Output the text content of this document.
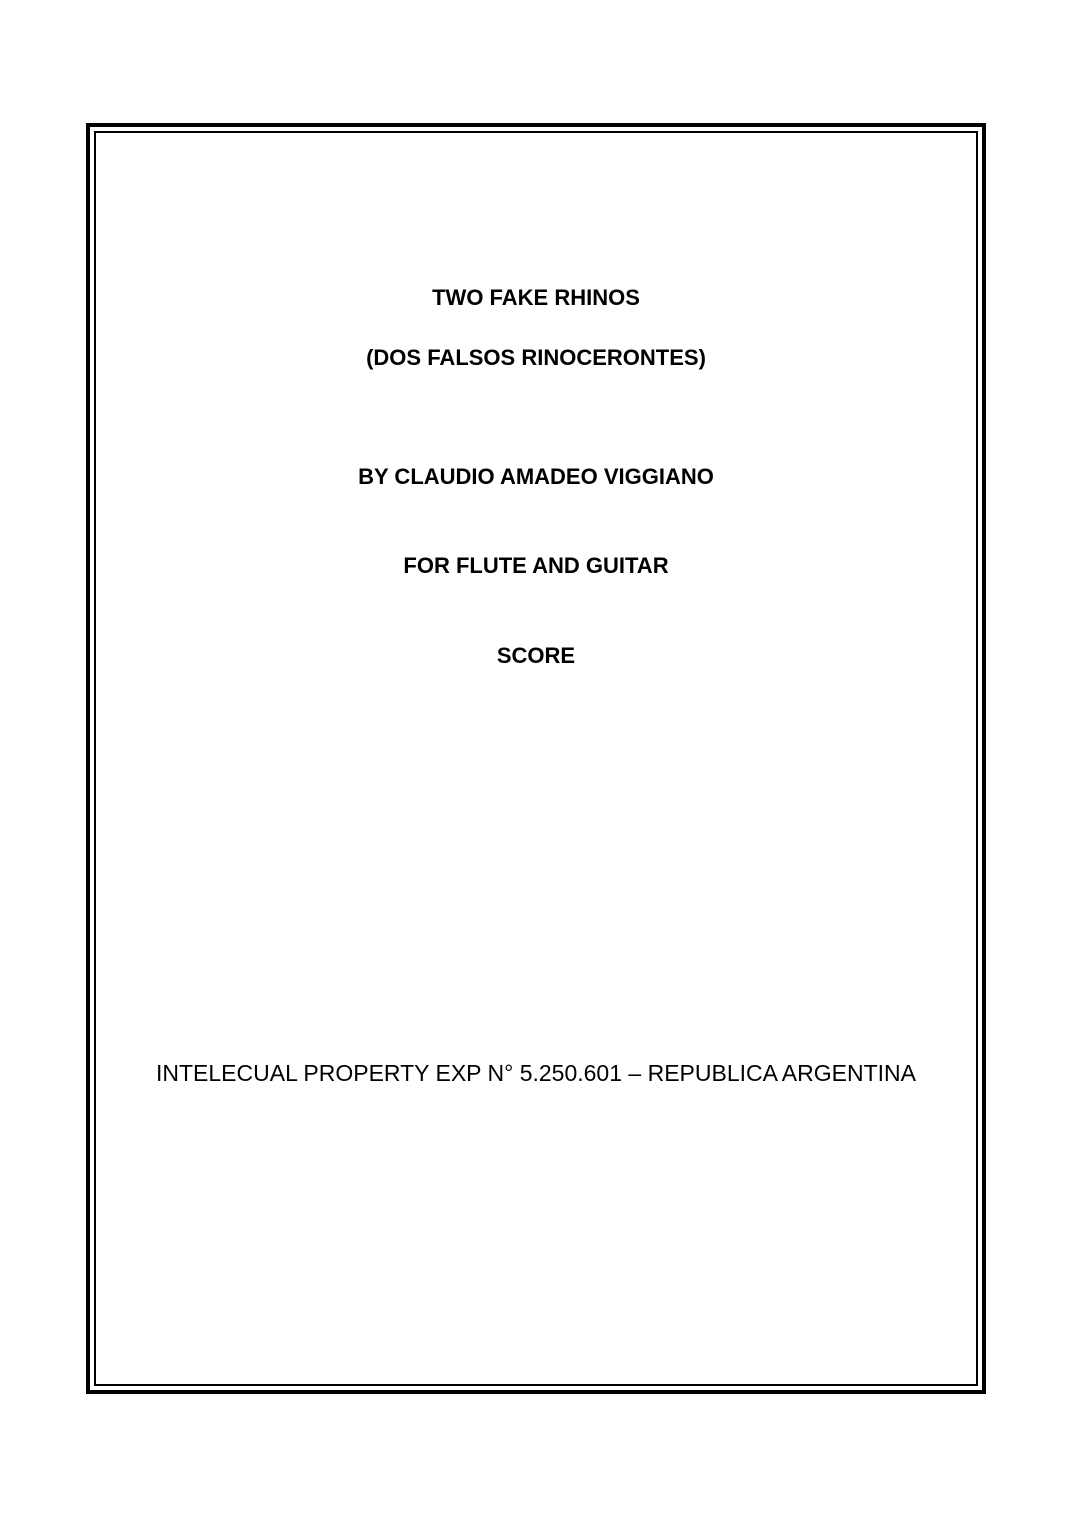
TWO FAKE RHINOS
(DOS FALSOS RINOCERONTES)
BY CLAUDIO AMADEO VIGGIANO
FOR FLUTE AND GUITAR
SCORE
INTELECUAL PROPERTY EXP N° 5.250.601 – REPUBLICA ARGENTINA
